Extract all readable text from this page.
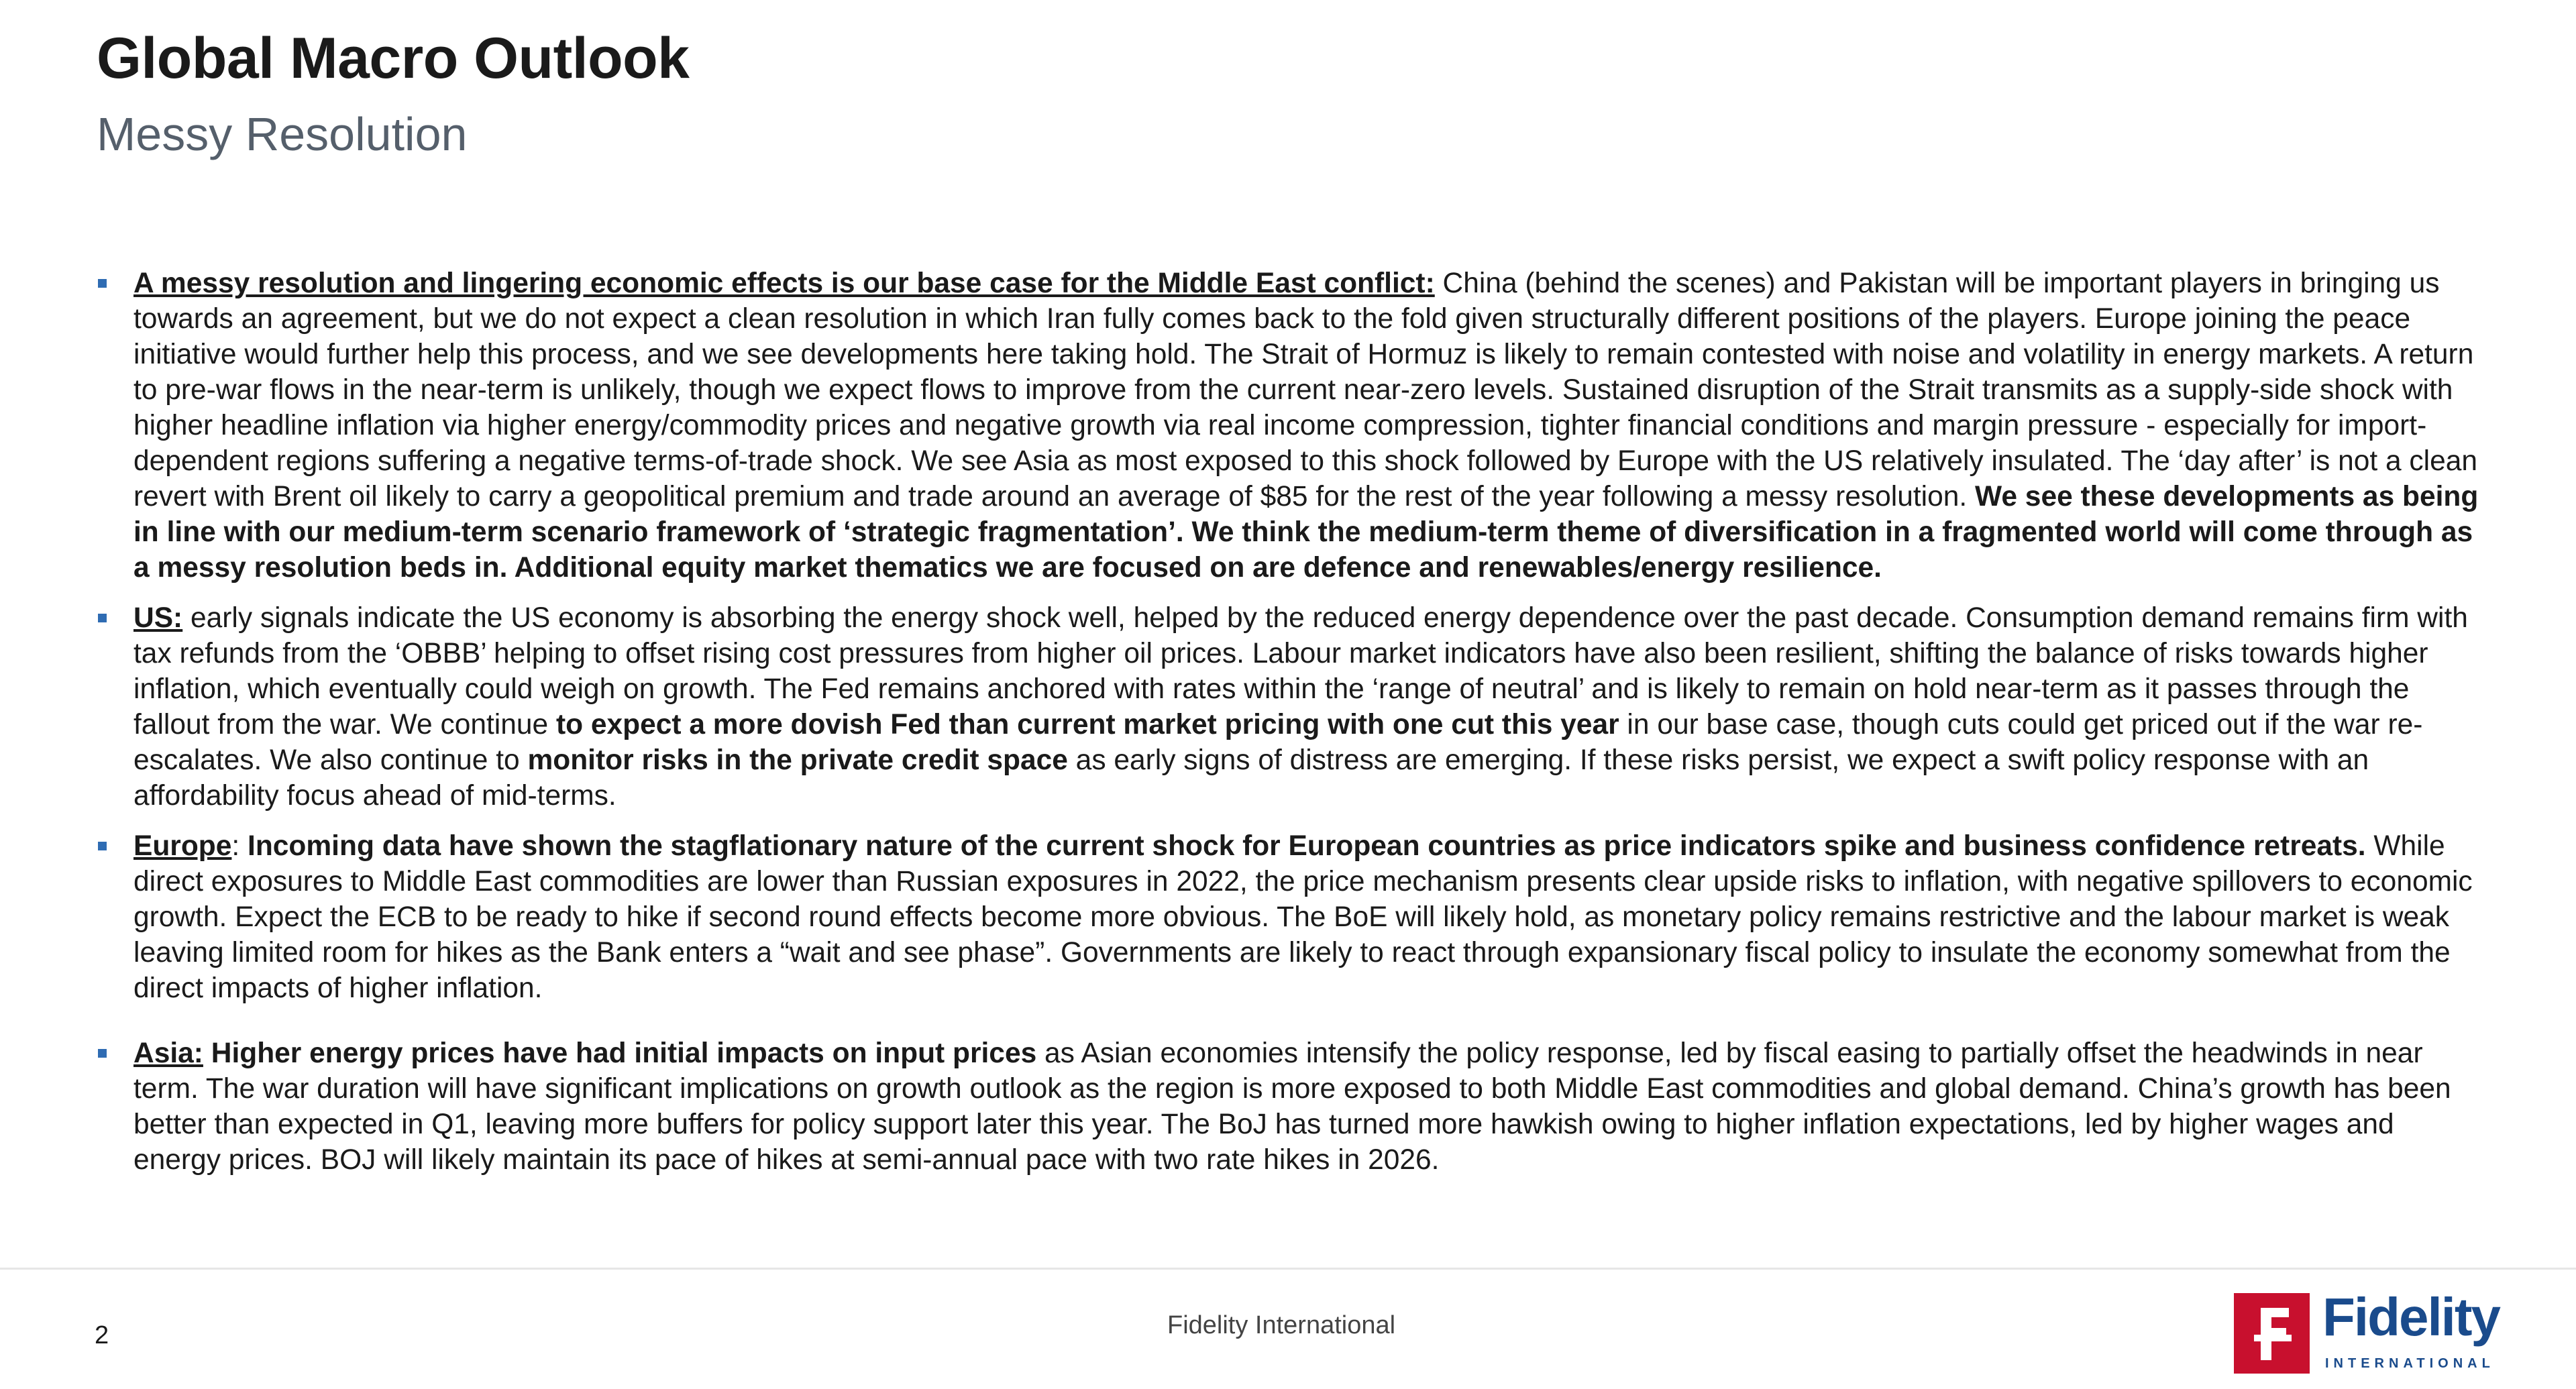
Global Macro Outlook
Messy Resolution
A messy resolution and lingering economic effects is our base case for the Middle East conflict: China (behind the scenes) and Pakistan will be important players in bringing us towards an agreement, but we do not expect a clean resolution in which Iran fully comes back to the fold given structurally different positions of the players. Europe joining the peace initiative would further help this process, and we see developments here taking hold. The Strait of Hormuz is likely to remain contested with noise and volatility in energy markets. A return to pre-war flows in the near-term is unlikely, though we expect flows to improve from the current near-zero levels. Sustained disruption of the Strait transmits as a supply-side shock with higher headline inflation via higher energy/commodity prices and negative growth via real income compression, tighter financial conditions and margin pressure - especially for import-dependent regions suffering a negative terms-of-trade shock. We see Asia as most exposed to this shock followed by Europe with the US relatively insulated. The ‘day after’ is not a clean revert with Brent oil likely to carry a geopolitical premium and trade around an average of $85 for the rest of the year following a messy resolution. We see these developments as being in line with our medium-term scenario framework of ‘strategic fragmentation’. We think the medium-term theme of diversification in a fragmented world will come through as a messy resolution beds in. Additional equity market thematics we are focused on are defence and renewables/energy resilience.
US: early signals indicate the US economy is absorbing the energy shock well, helped by the reduced energy dependence over the past decade. Consumption demand remains firm with tax refunds from the ‘OBBB’ helping to offset rising cost pressures from higher oil prices. Labour market indicators have also been resilient, shifting the balance of risks towards higher inflation, which eventually could weigh on growth. The Fed remains anchored with rates within the ‘range of neutral’ and is likely to remain on hold near-term as it passes through the fallout from the war. We continue to expect a more dovish Fed than current market pricing with one cut this year in our base case, though cuts could get priced out if the war re-escalates. We also continue to monitor risks in the private credit space as early signs of distress are emerging. If these risks persist, we expect a swift policy response with an affordability focus ahead of mid-terms.
Europe: Incoming data have shown the stagflationary nature of the current shock for European countries as price indicators spike and business confidence retreats. While direct exposures to Middle East commodities are lower than Russian exposures in 2022, the price mechanism presents clear upside risks to inflation, with negative spillovers to economic growth. Expect the ECB to be ready to hike if second round effects become more obvious. The BoE will likely hold, as monetary policy remains restrictive and the labour market is weak leaving limited room for hikes as the Bank enters a “wait and see phase”. Governments are likely to react through expansionary fiscal policy to insulate the economy somewhat from the direct impacts of higher inflation.
Asia: Higher energy prices have had initial impacts on input prices as Asian economies intensify the policy response, led by fiscal easing to partially offset the headwinds in near term. The war duration will have significant implications on growth outlook as the region is more exposed to both Middle East commodities and global demand. China’s growth has been better than expected in Q1, leaving more buffers for policy support later this year. The BoJ has turned more hawkish owing to higher inflation expectations, led by higher wages and energy prices. BOJ will likely maintain its pace of hikes at semi-annual pace with two rate hikes in 2026.
2	Fidelity International	Fidelity
INTERNATIONAL
